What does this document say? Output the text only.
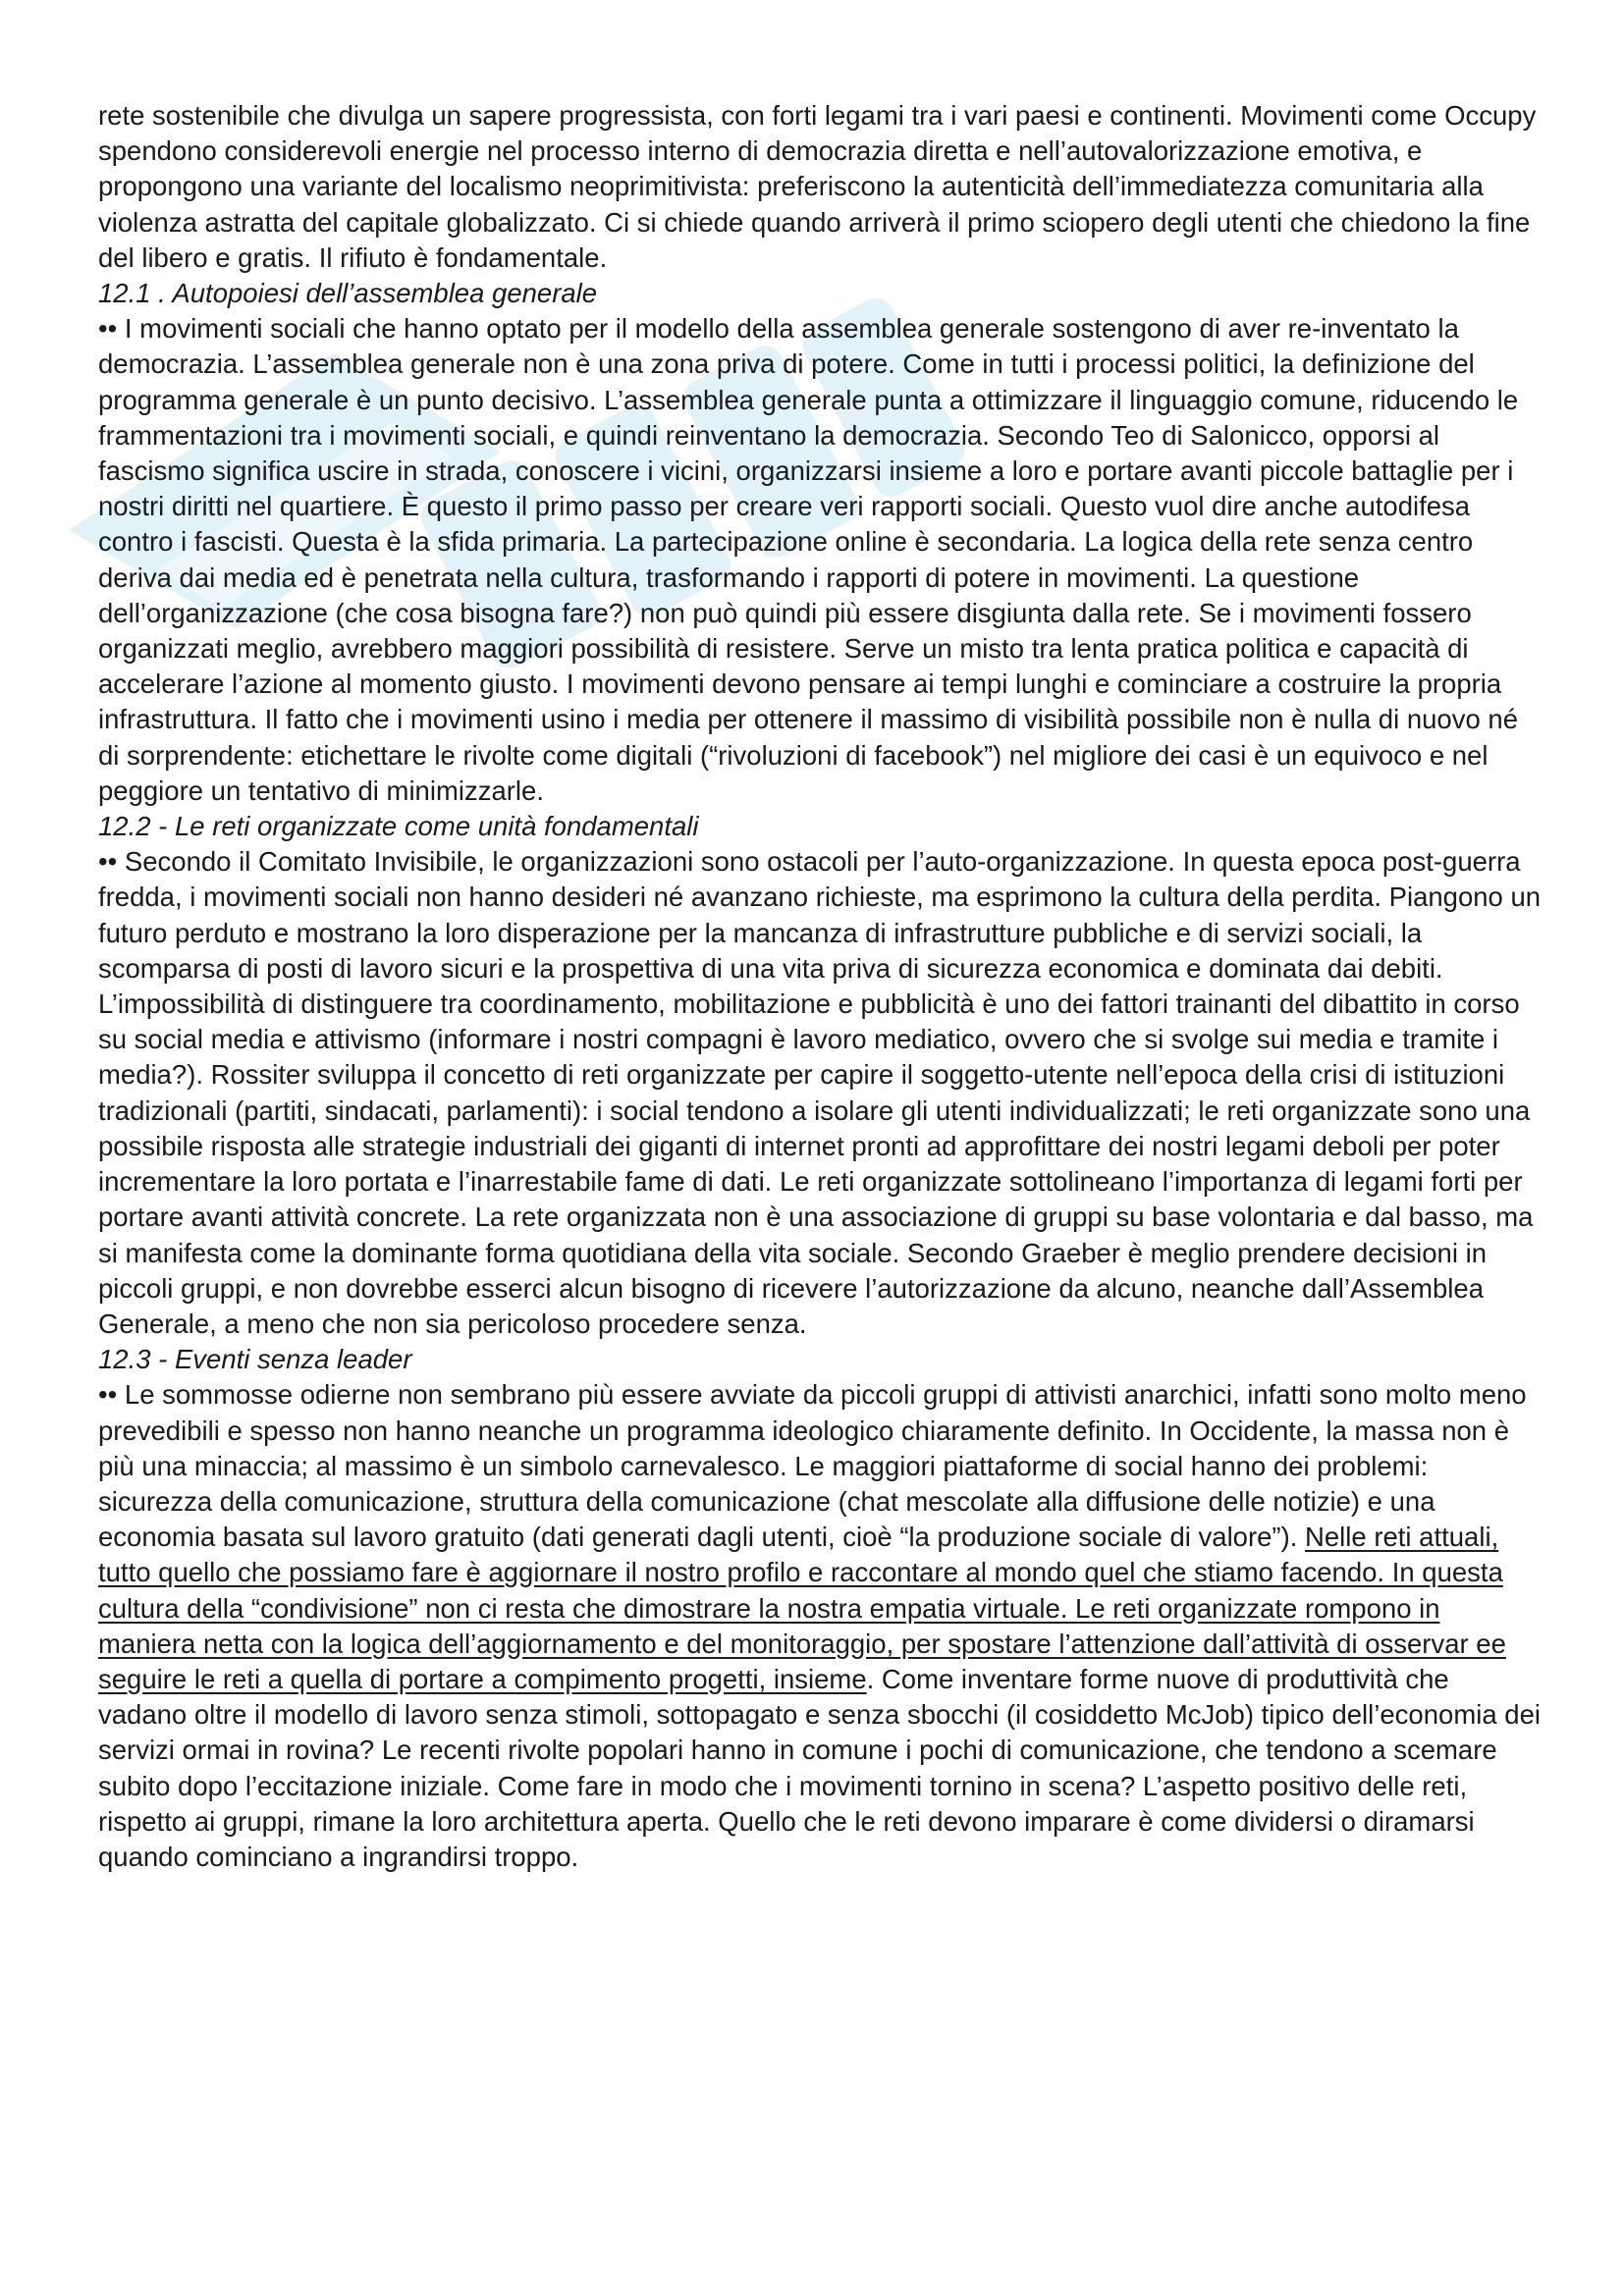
rete sostenibile che divulga un sapere progressista, con forti legami tra i vari paesi e continenti. Movimenti come Occupy spendono considerevoli energie nel processo interno di democrazia diretta e nell’autovalorizzazione emotiva, e propongono una variante del localismo neoprimitivista: preferiscono la autenticità dell’immediatezza comunitaria alla violenza astratta del capitale globalizzato. Ci si chiede quando arriverà il primo sciopero degli utenti che chiedono la fine del libero e gratis. Il rifiuto è fondamentale.

12.1 . Autopoiesi dell’assemblea generale

•• I movimenti sociali che hanno optato per il modello della assemblea generale sostengono di aver re-inventato la democrazia. L’assemblea generale non è una zona priva di potere. Come in tutti i processi politici, la definizione del programma generale è un punto decisivo. L’assemblea generale punta a ottimizzare il linguaggio comune, riducendo le frammentazioni tra i movimenti sociali, e quindi reinventano la democrazia. Secondo Teo di Salonicco, opporsi al fascismo significa uscire in strada, conoscere i vicini, organizzarsi insieme a loro e portare avanti piccole battaglie per i nostri diritti nel quartiere. È questo il primo passo per creare veri rapporti sociali. Questo vuol dire anche autodifesa contro i fascisti. Questa è la sfida primaria. La partecipazione online è secondaria. La logica della rete senza centro deriva dai media ed è penetrata nella cultura, trasformando i rapporti di potere in movimenti. La questione dell’organizzazione (che cosa bisogna fare?) non può quindi più essere disgiunta dalla rete. Se i movimenti fossero organizzati meglio, avrebbero maggiori possibilità di resistere. Serve un misto tra lenta pratica politica e capacità di accelerare l’azione al momento giusto. I movimenti devono pensare ai tempi lunghi e cominciare a costruire la propria infrastruttura. Il fatto che i movimenti usino i media per ottenere il massimo di visibilità possibile non è nulla di nuovo né di sorprendente: etichettare le rivolte come digitali (“rivoluzioni di facebook”) nel migliore dei casi è un equivoco e nel peggiore un tentativo di minimizzarle.

12.2 - Le reti organizzate come unità fondamentali

•• Secondo il Comitato Invisibile, le organizzazioni sono ostacoli per l’auto-organizzazione. In questa epoca post-guerra fredda, i movimenti sociali non hanno desideri né avanzano richieste, ma esprimono la cultura della perdita. Piangono un futuro perduto e mostrano la loro disperazione per la mancanza di infrastrutture pubbliche e di servizi sociali, la scomparsa di posti di lavoro sicuri e la prospettiva di una vita priva di sicurezza economica e dominata dai debiti. L’impossibilità di distinguere tra coordinamento, mobilitazione e pubblicità è uno dei fattori trainanti del dibattito in corso su social media e attivismo (informare i nostri compagni è lavoro mediatico, ovvero che si svolge sui media e tramite i media?). Rossiter sviluppa il concetto di reti organizzate per capire il soggetto-utente nell’epoca della crisi di istituzioni tradizionali (partiti, sindacati, parlamenti): i social tendono a isolare gli utenti individualizzati; le reti organizzate sono una possibile risposta alle strategie industriali dei giganti di internet pronti ad approfittare dei nostri legami deboli per poter incrementare la loro portata e l’inarrestabile fame di dati. Le reti organizzate sottolineano l’importanza di legami forti per portare avanti attività concrete. La rete organizzata non è una associazione di gruppi su base volontaria e dal basso, ma si manifesta come la dominante forma quotidiana della vita sociale. Secondo Graeber è meglio prendere decisioni in piccoli gruppi, e non dovrebbe esserci alcun bisogno di ricevere l’autorizzazione da alcuno, neanche dall’Assemblea Generale, a meno che non sia pericoloso procedere senza.

12.3 - Eventi senza leader

•• Le sommosse odierne non sembrano più essere avviate da piccoli gruppi di attivisti anarchici, infatti sono molto meno prevedibili e spesso non hanno neanche un programma ideologico chiaramente definito. In Occidente, la massa non è più una minaccia; al massimo è un simbolo carnevalesco. Le maggiori piattaforme di social hanno dei problemi: sicurezza della comunicazione, struttura della comunicazione (chat mescolate alla diffusione delle notizie) e una economia basata sul lavoro gratuito (dati generati dagli utenti, cioè “la produzione sociale di valore”). Nelle reti attuali, tutto quello che possiamo fare è aggiornare il nostro profilo e raccontare al mondo quel che stiamo facendo. In questa cultura della “condivisione” non ci resta che dimostrare la nostra empatia virtuale. Le reti organizzate rompono in maniera netta con la logica dell’aggiornamento e del monitoraggio, per spostare l’attenzione dall’attività di osservar ee seguire le reti a quella di portare a compimento progetti, insieme. Come inventare forme nuove di produttività che vadano oltre il modello di lavoro senza stimoli, sottopagato e senza sbocchi (il cosiddetto McJob) tipico dell’economia dei servizi ormai in rovina? Le recenti rivolte popolari hanno in comune i pochi di comunicazione, che tendono a scemare subito dopo l’eccitazione iniziale. Come fare in modo che i movimenti tornino in scena? L’aspetto positivo delle reti, rispetto ai gruppi, rimane la loro architettura aperta. Quello che le reti devono imparare è come dividersi o diramarsi quando cominciano a ingrandirsi troppo.
